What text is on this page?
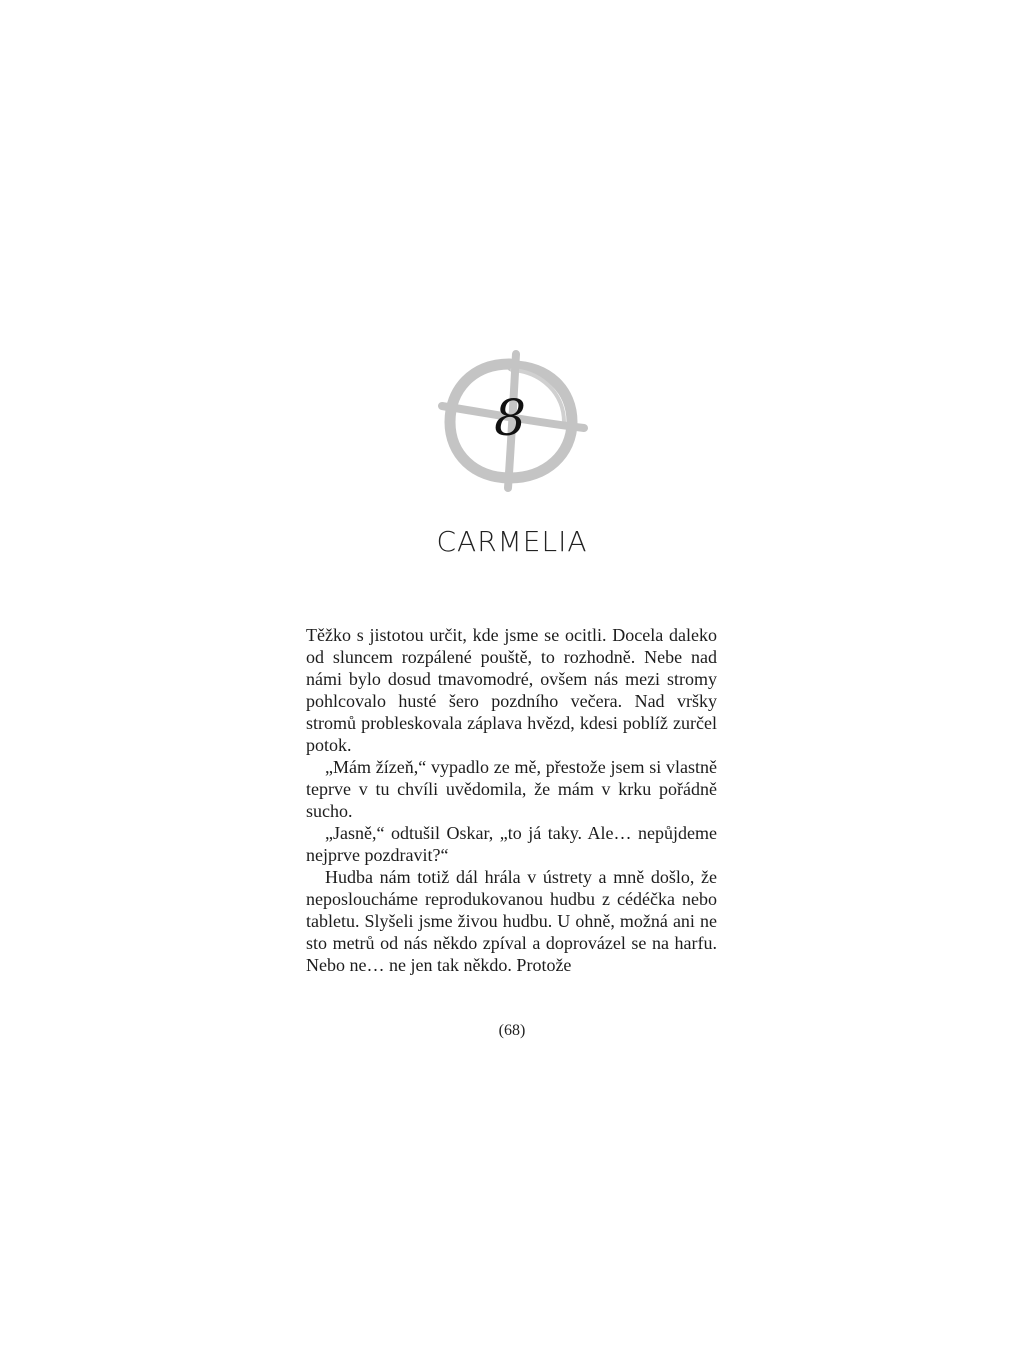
8
CARMELIA

Těžko s jistotou určit, kde jsme se ocitli. Docela daleko od sluncem rozpálené pouště, to rozhodně. Nebe nad námi bylo dosud tmavomodré, ovšem nás mezi stromy pohlcovalo husté šero pozdního večera. Nad vršky stromů probleskovala záplava hvězd, kdesi poblíž zurčel potok.

„Mám žízeň,“ vypadlo ze mě, přestože jsem si vlastně teprve v tu chvíli uvědomila, že mám v krku pořádně sucho.

„Jasně,“ odtušil Oskar, „to já taky. Ale… nepůjdeme nejprve pozdravit?“

Hudba nám totiž dál hrála v ústrety a mně došlo, že neposloucháme reprodukovanou hudbu z cédéčka nebo tabletu. Slyšeli jsme živou hudbu. U ohně, možná ani ne sto metrů od nás někdo zpíval a doprovázel se na harfu. Nebo ne… ne jen tak někdo. Protože

(68)
